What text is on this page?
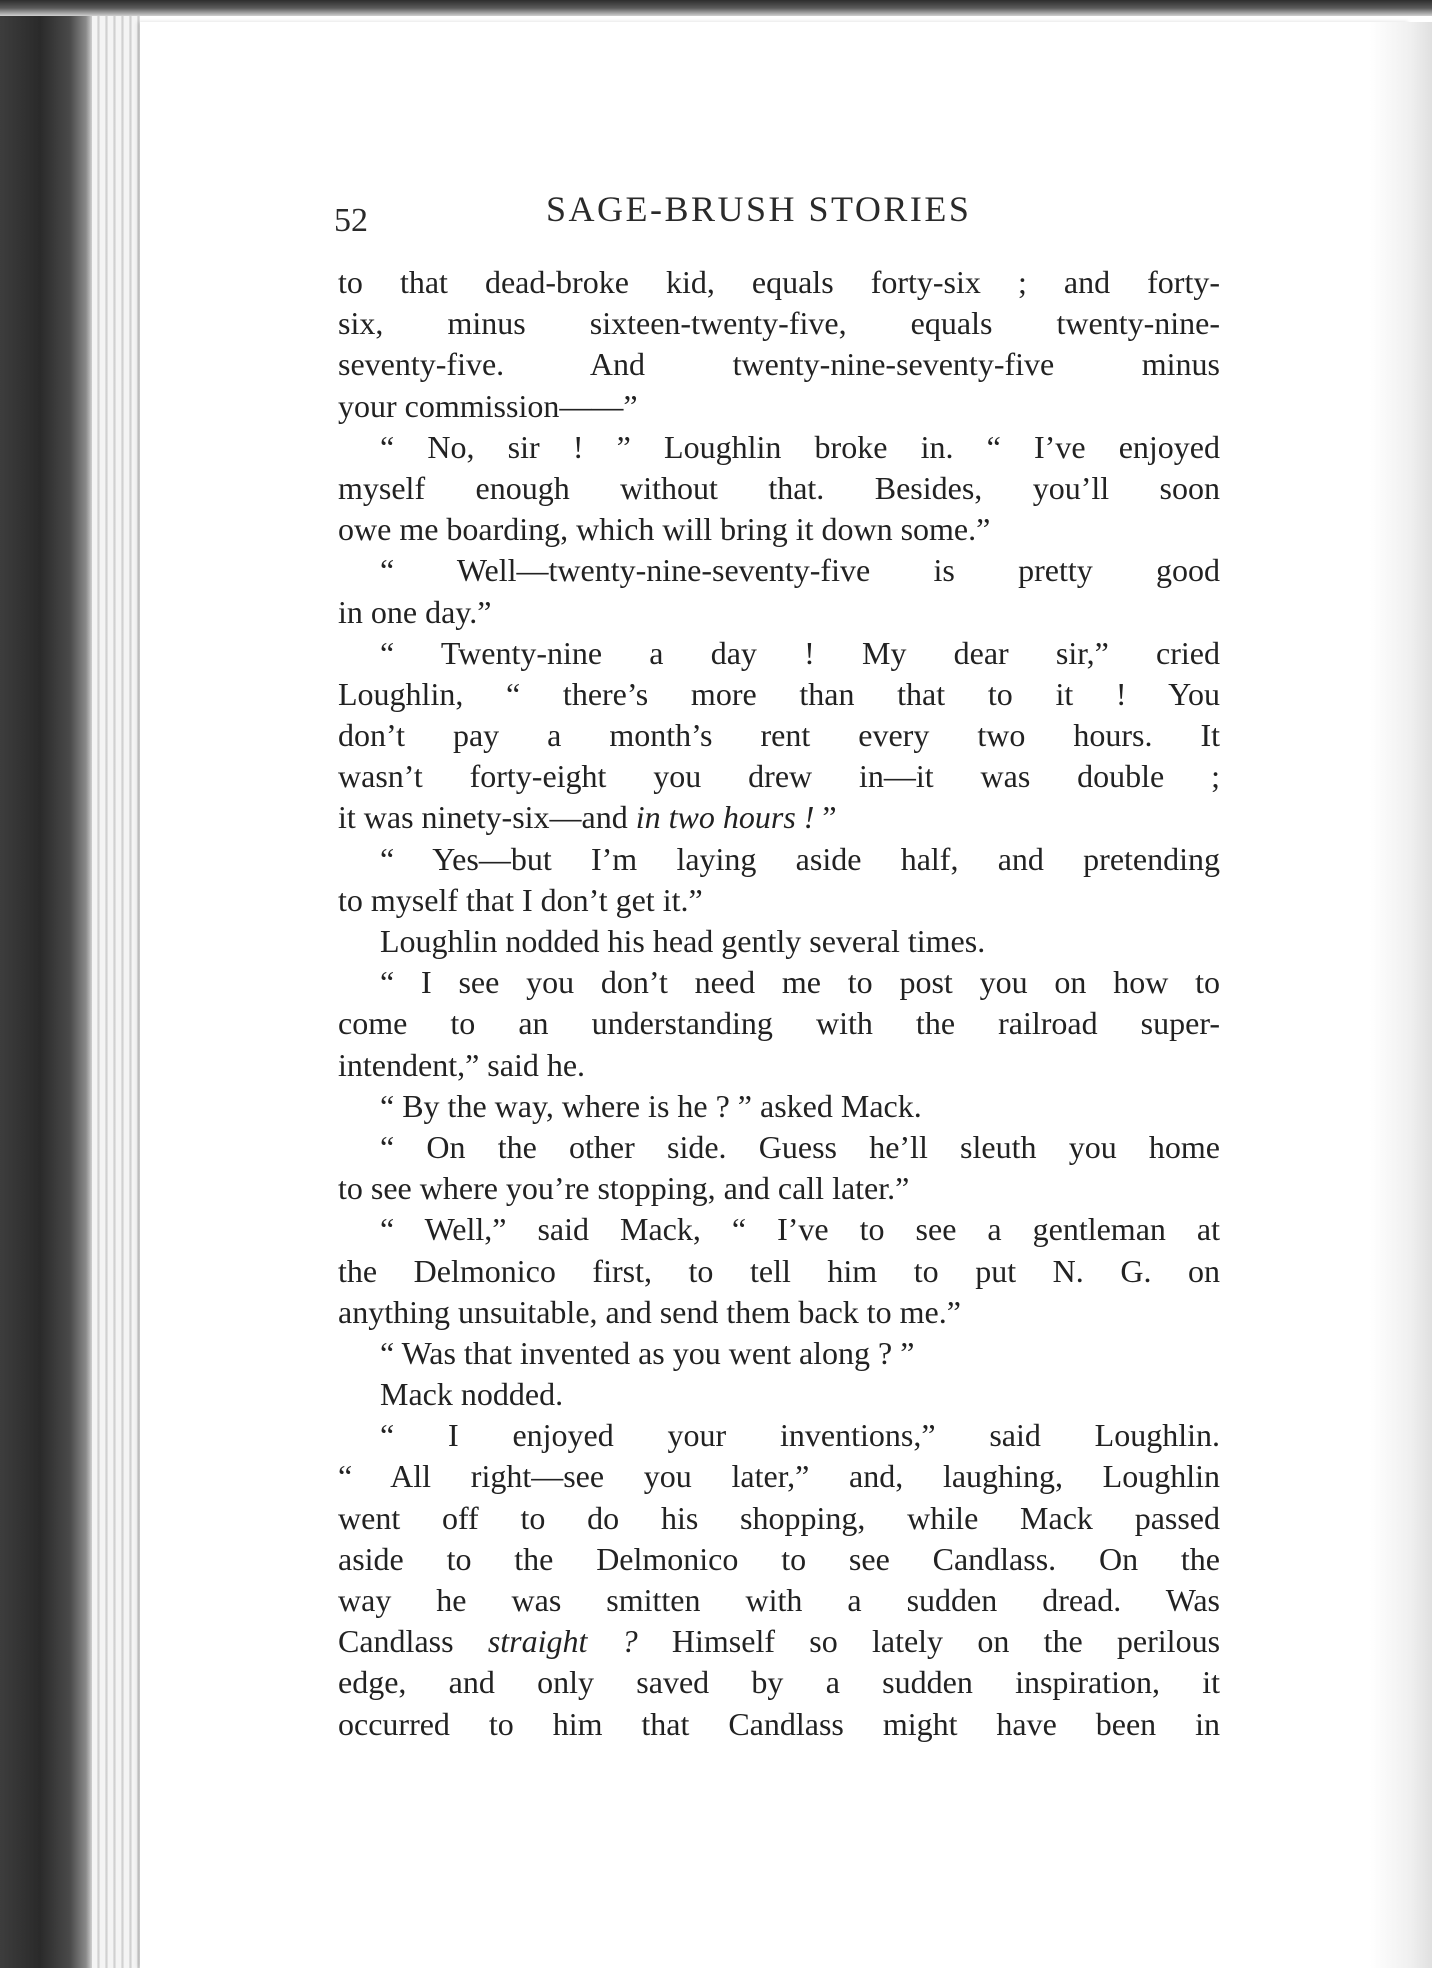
52	SAGE-BRUSH STORIES
to that dead-broke kid, equals forty-six ; and forty-
six, minus sixteen-twenty-five, equals twenty-nine-
seventy-five. And twenty-nine-seventy-five minus
your commission——”
“ No, sir ! ” Loughlin broke in. “ I’ve enjoyed
myself enough without that. Besides, you’ll soon
owe me boarding, which will bring it down some.”
“ Well—twenty-nine-seventy-five is pretty good
in one day.”
“ Twenty-nine a day ! My dear sir,” cried
Loughlin, “ there’s more than that to it ! You
don’t pay a month’s rent every two hours. It
wasn’t forty-eight you drew in—it was double ;
it was ninety-six—and in two hours ! ”
“ Yes—but I’m laying aside half, and pretending
to myself that I don’t get it.”
Loughlin nodded his head gently several times.
“ I see you don’t need me to post you on how to
come to an understanding with the railroad super-
intendent,” said he.
“ By the way, where is he ? ” asked Mack.
“ On the other side. Guess he’ll sleuth you home
to see where you’re stopping, and call later.”
“ Well,” said Mack, “ I’ve to see a gentleman at
the Delmonico first, to tell him to put N. G. on
anything unsuitable, and send them back to me.”
“ Was that invented as you went along ? ”
Mack nodded.
“ I enjoyed your inventions,” said Loughlin.
“ All right—see you later,” and, laughing, Loughlin
went off to do his shopping, while Mack passed
aside to the Delmonico to see Candlass. On the
way he was smitten with a sudden dread. Was
Candlass straight ? Himself so lately on the perilous
edge, and only saved by a sudden inspiration, it
occurred to him that Candlass might have been in
